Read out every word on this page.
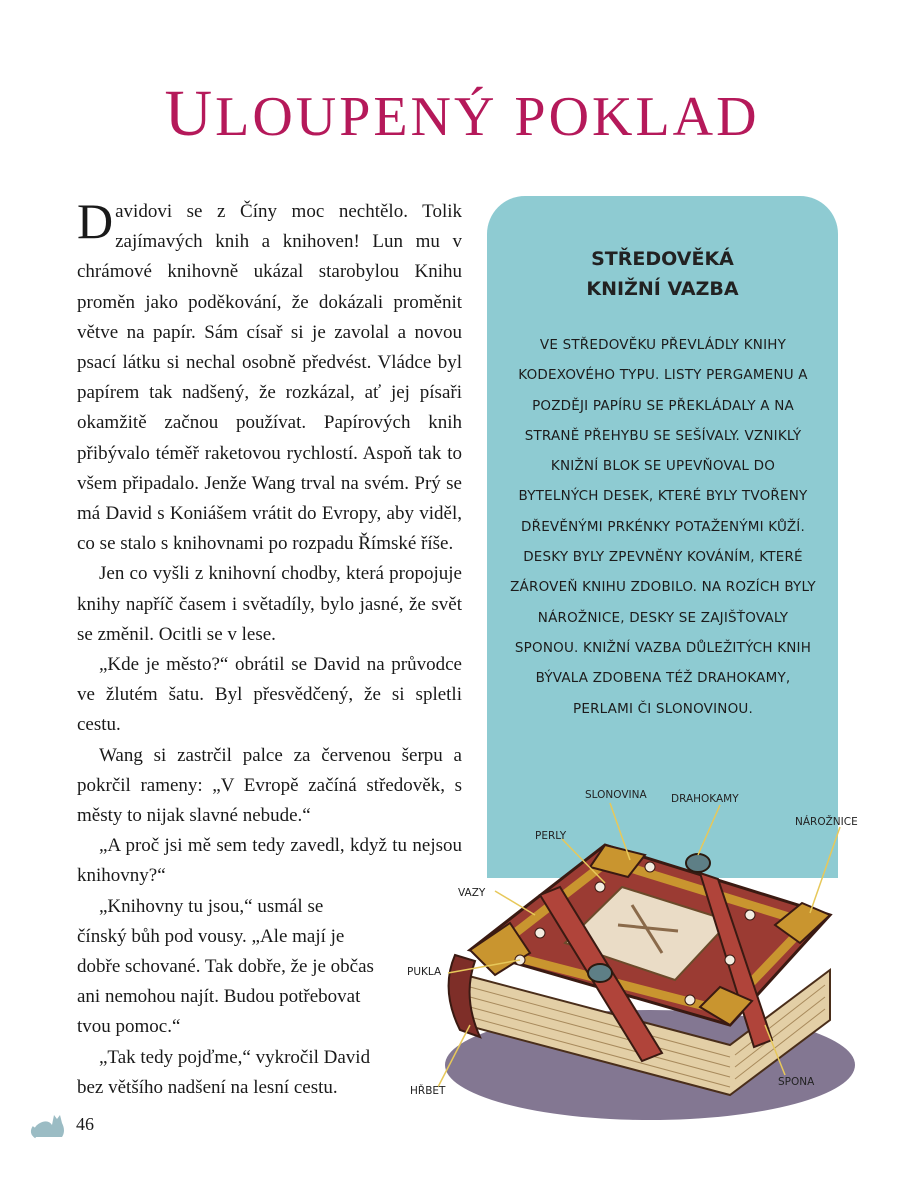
ULOUPENÝ POKLAD

Davidovi se z Číny moc nechtělo. Tolik zajímavých knih a knihoven! Lun mu v chrámové knihovně ukázal starobylou Knihu proměn jako poděkování, že dokázali proměnit větve na papír. Sám císař si je zavolal a novou psací látku si nechal osobně předvést. Vládce byl papírem tak nadšený, že rozkázal, ať jej písaři okamžitě začnou používat. Papírových knih přibývalo téměř raketovou rychlostí. Aspoň tak to všem připadalo. Jenže Wang trval na svém. Prý se má David s Koniášem vrátit do Evropy, aby viděl, co se stalo s knihovnami po rozpadu Římské říše.

Jen co vyšli z knihovní chodby, která propojuje knihy napříč časem i světadíly, bylo jasné, že svět se změnil. Ocitli se v lese.

„Kde je město?“ obrátil se David na průvodce ve žlutém šatu. Byl přesvědčený, že si spletli cestu.

Wang si zastrčil palce za červenou šerpu a pokrčil rameny: „V Evropě začíná středověk, s městy to nijak slavné nebude.“

„A proč jsi mě sem tedy zavedl, když tu nejsou knihovny?“

„Knihovny tu jsou,“ usmál se čínský bůh pod vousy. „Ale mají je dobře schované. Tak dobře, že je občas ani nemohou najít. Budou potřebovat tvou pomoc.“

„Tak tedy pojďme,“ vykročil David bez většího nadšení na lesní cestu.

STŘEDOVĚKÁ
KNIŽNÍ VAZBA
VE STŘEDOVĚKU PŘEVLÁDLY KNIHY KODEXOVÉHO TYPU. LISTY PERGAMENU A POZDĚJI PAPÍRU SE PŘEKLÁDALY A NA STRANĚ PŘEHYBU SE SEŠÍVALY. VZNIKLÝ KNIŽNÍ BLOK SE UPEVŇOVAL DO BYTELNÝCH DESEK, KTERÉ BYLY TVOŘENY DŘEVĚNÝMI PRKÉNKY POTAŽENÝMI KŮŽÍ. DESKY BYLY ZPEVNĚNY KOVÁNÍM, KTERÉ ZÁROVEŇ KNIHU ZDOBILO. NA ROZÍCH BYLY NÁROŽNICE, DESKY SE ZAJIŠŤOVALY SPONOU. KNIŽNÍ VAZBA DŮLEŽITÝCH KNIH BÝVALA ZDOBENA TÉŽ DRAHOKAMY, PERLAMI ČI SLONOVINOU.
SLONOVINA DRAHOKAMY
NÁROŽNICE
PERLY
VAZY
PUKLA
HŘBET
SPONA
46
